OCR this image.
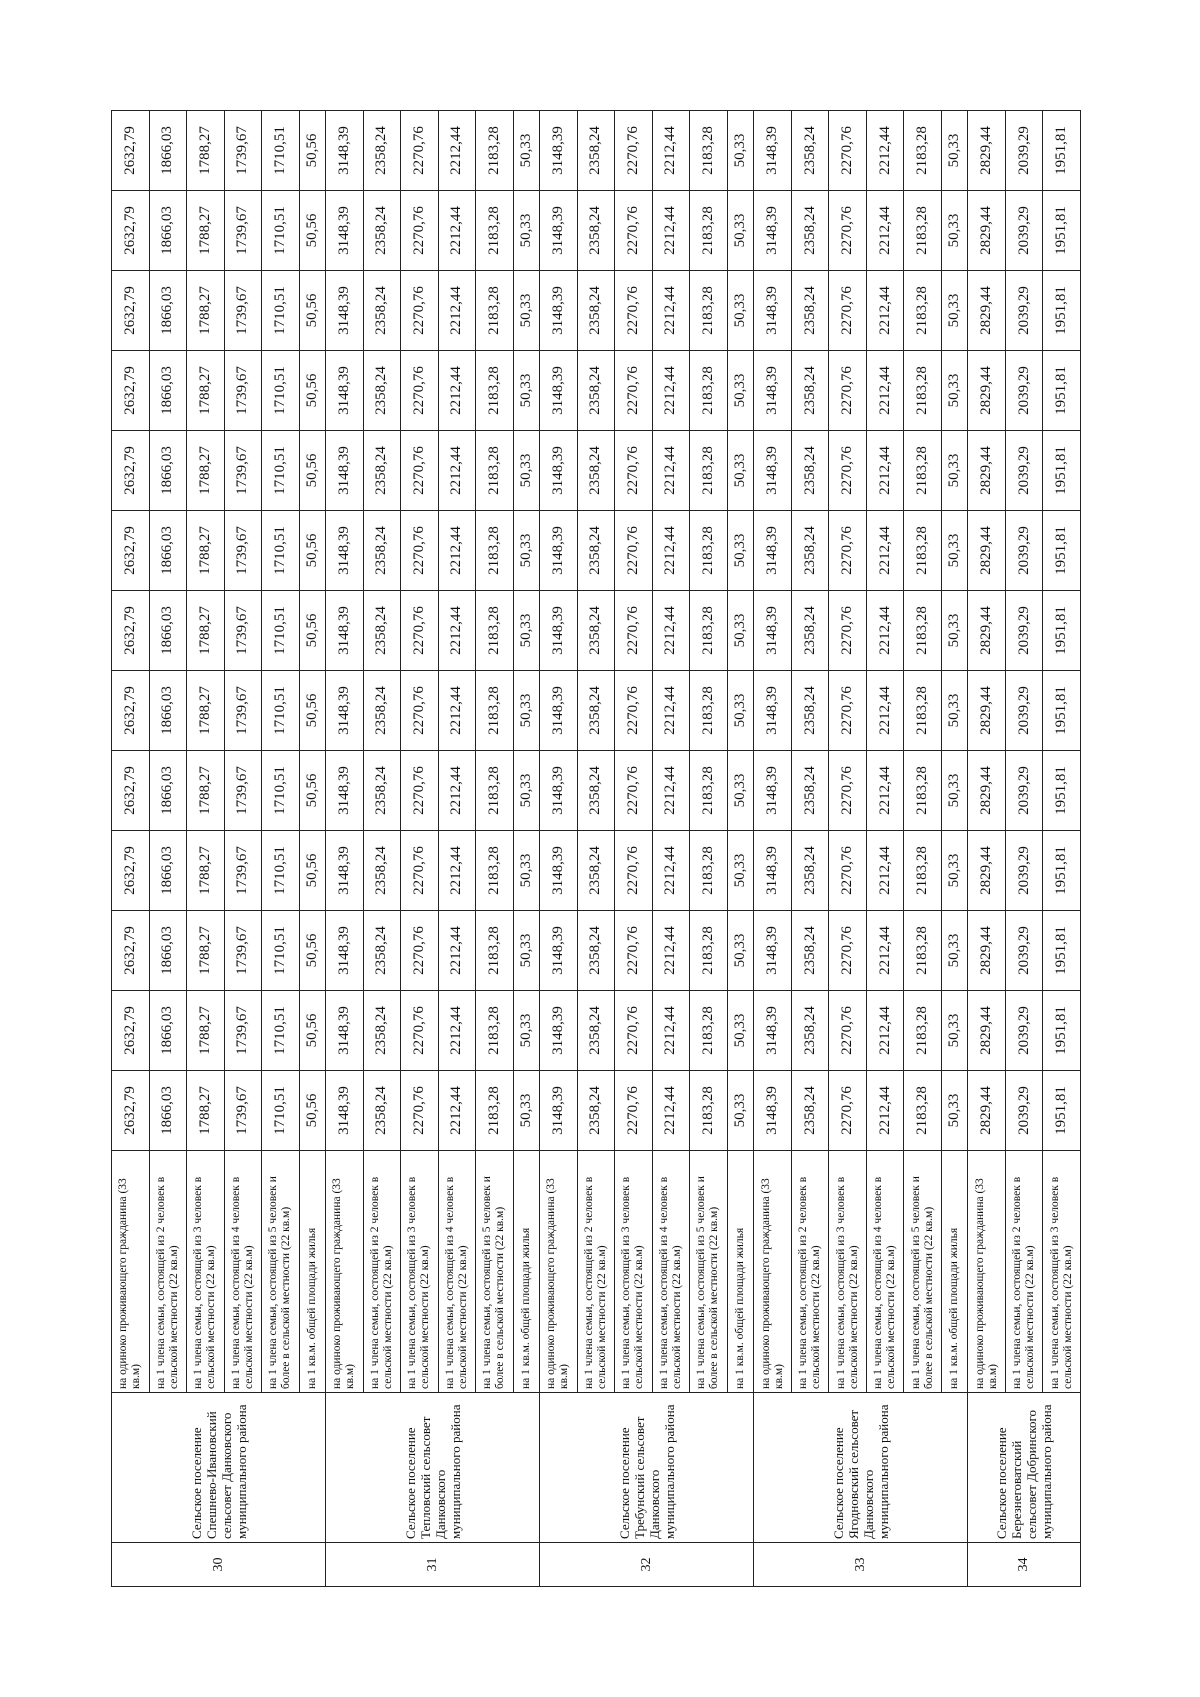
30	Сельское поселение Спешнево-Ивановский сельсовет Данковского муниципального района	на одиноко проживающего гражданина (33 кв.м)	2632,79	2632,79	2632,79	2632,79	2632,79	2632,79	2632,79	2632,79	2632,79	2632,79	2632,79	2632,79	2632,79
		на 1 члена семьи, состоящей из 2 человек в сельской местности (22 кв.м)	1866,03	1866,03	1866,03	1866,03	1866,03	1866,03	1866,03	1866,03	1866,03	1866,03	1866,03	1866,03	1866,03
		на 1 члена семьи, состоящей из 3 человек в сельской местности (22 кв.м)	1788,27	1788,27	1788,27	1788,27	1788,27	1788,27	1788,27	1788,27	1788,27	1788,27	1788,27	1788,27	1788,27
		на 1 члена семьи, состоящей из 4 человек в сельской местности (22 кв.м)	1739,67	1739,67	1739,67	1739,67	1739,67	1739,67	1739,67	1739,67	1739,67	1739,67	1739,67	1739,67	1739,67
		на 1 члена семьи, состоящей из 5 человек и более в сельской местности (22 кв.м)	1710,51	1710,51	1710,51	1710,51	1710,51	1710,51	1710,51	1710,51	1710,51	1710,51	1710,51	1710,51	1710,51
		на 1 кв.м. общей площади жилья	50,56	50,56	50,56	50,56	50,56	50,56	50,56	50,56	50,56	50,56	50,56	50,56	50,56
31	Сельское поселение Тепловский сельсовет Данковского муниципального района	на одиноко проживающего гражданина (33 кв.м)	3148,39	3148,39	3148,39	3148,39	3148,39	3148,39	3148,39	3148,39	3148,39	3148,39	3148,39	3148,39	3148,39
		на 1 члена семьи, состоящей из 2 человек в сельской местности (22 кв.м)	2358,24	2358,24	2358,24	2358,24	2358,24	2358,24	2358,24	2358,24	2358,24	2358,24	2358,24	2358,24	2358,24
		на 1 члена семьи, состоящей из 3 человек в сельской местности (22 кв.м)	2270,76	2270,76	2270,76	2270,76	2270,76	2270,76	2270,76	2270,76	2270,76	2270,76	2270,76	2270,76	2270,76
		на 1 члена семьи, состоящей из 4 человек в сельской местности (22 кв.м)	2212,44	2212,44	2212,44	2212,44	2212,44	2212,44	2212,44	2212,44	2212,44	2212,44	2212,44	2212,44	2212,44
		на 1 члена семьи, состоящей из 5 человек и более в сельской местности (22 кв.м)	2183,28	2183,28	2183,28	2183,28	2183,28	2183,28	2183,28	2183,28	2183,28	2183,28	2183,28	2183,28	2183,28
		на 1 кв.м. общей площади жилья	50,33	50,33	50,33	50,33	50,33	50,33	50,33	50,33	50,33	50,33	50,33	50,33	50,33
32	Сельское поселение Требунский сельсовет Данковского муниципального района	на одиноко проживающего гражданина (33 кв.м)	3148,39	3148,39	3148,39	3148,39	3148,39	3148,39	3148,39	3148,39	3148,39	3148,39	3148,39	3148,39	3148,39
		на 1 члена семьи, состоящей из 2 человек в сельской местности (22 кв.м)	2358,24	2358,24	2358,24	2358,24	2358,24	2358,24	2358,24	2358,24	2358,24	2358,24	2358,24	2358,24	2358,24
		на 1 члена семьи, состоящей из 3 человек в сельской местности (22 кв.м)	2270,76	2270,76	2270,76	2270,76	2270,76	2270,76	2270,76	2270,76	2270,76	2270,76	2270,76	2270,76	2270,76
		на 1 члена семьи, состоящей из 4 человек в сельской местности (22 кв.м)	2212,44	2212,44	2212,44	2212,44	2212,44	2212,44	2212,44	2212,44	2212,44	2212,44	2212,44	2212,44	2212,44
		на 1 члена семьи, состоящей из 5 человек и более в сельской местности (22 кв.м)	2183,28	2183,28	2183,28	2183,28	2183,28	2183,28	2183,28	2183,28	2183,28	2183,28	2183,28	2183,28	2183,28
		на 1 кв.м. общей площади жилья	50,33	50,33	50,33	50,33	50,33	50,33	50,33	50,33	50,33	50,33	50,33	50,33	50,33
33	Сельское поселение Ягодновский сельсовет Данковского муниципального района	на одиноко проживающего гражданина (33 кв.м)	3148,39	3148,39	3148,39	3148,39	3148,39	3148,39	3148,39	3148,39	3148,39	3148,39	3148,39	3148,39	3148,39
		на 1 члена семьи, состоящей из 2 человек в сельской местности (22 кв.м)	2358,24	2358,24	2358,24	2358,24	2358,24	2358,24	2358,24	2358,24	2358,24	2358,24	2358,24	2358,24	2358,24
		на 1 члена семьи, состоящей из 3 человек в сельской местности (22 кв.м)	2270,76	2270,76	2270,76	2270,76	2270,76	2270,76	2270,76	2270,76	2270,76	2270,76	2270,76	2270,76	2270,76
		на 1 члена семьи, состоящей из 4 человек в сельской местности (22 кв.м)	2212,44	2212,44	2212,44	2212,44	2212,44	2212,44	2212,44	2212,44	2212,44	2212,44	2212,44	2212,44	2212,44
		на 1 члена семьи, состоящей из 5 человек и более в сельской местности (22 кв.м)	2183,28	2183,28	2183,28	2183,28	2183,28	2183,28	2183,28	2183,28	2183,28	2183,28	2183,28	2183,28	2183,28
		на 1 кв.м. общей площади жилья	50,33	50,33	50,33	50,33	50,33	50,33	50,33	50,33	50,33	50,33	50,33	50,33	50,33
34	Сельское поселение Березнеговатский сельсовет Добринского муниципального района	на одиноко проживающего гражданина (33 кв.м)	2829,44	2829,44	2829,44	2829,44	2829,44	2829,44	2829,44	2829,44	2829,44	2829,44	2829,44	2829,44	2829,44
		на 1 члена семьи, состоящей из 2 человек в сельской местности (22 кв.м)	2039,29	2039,29	2039,29	2039,29	2039,29	2039,29	2039,29	2039,29	2039,29	2039,29	2039,29	2039,29	2039,29
		на 1 члена семьи, состоящей из 3 человек в сельской местности (22 кв.м)	1951,81	1951,81	1951,81	1951,81	1951,81	1951,81	1951,81	1951,81	1951,81	1951,81	1951,81	1951,81	1951,81
